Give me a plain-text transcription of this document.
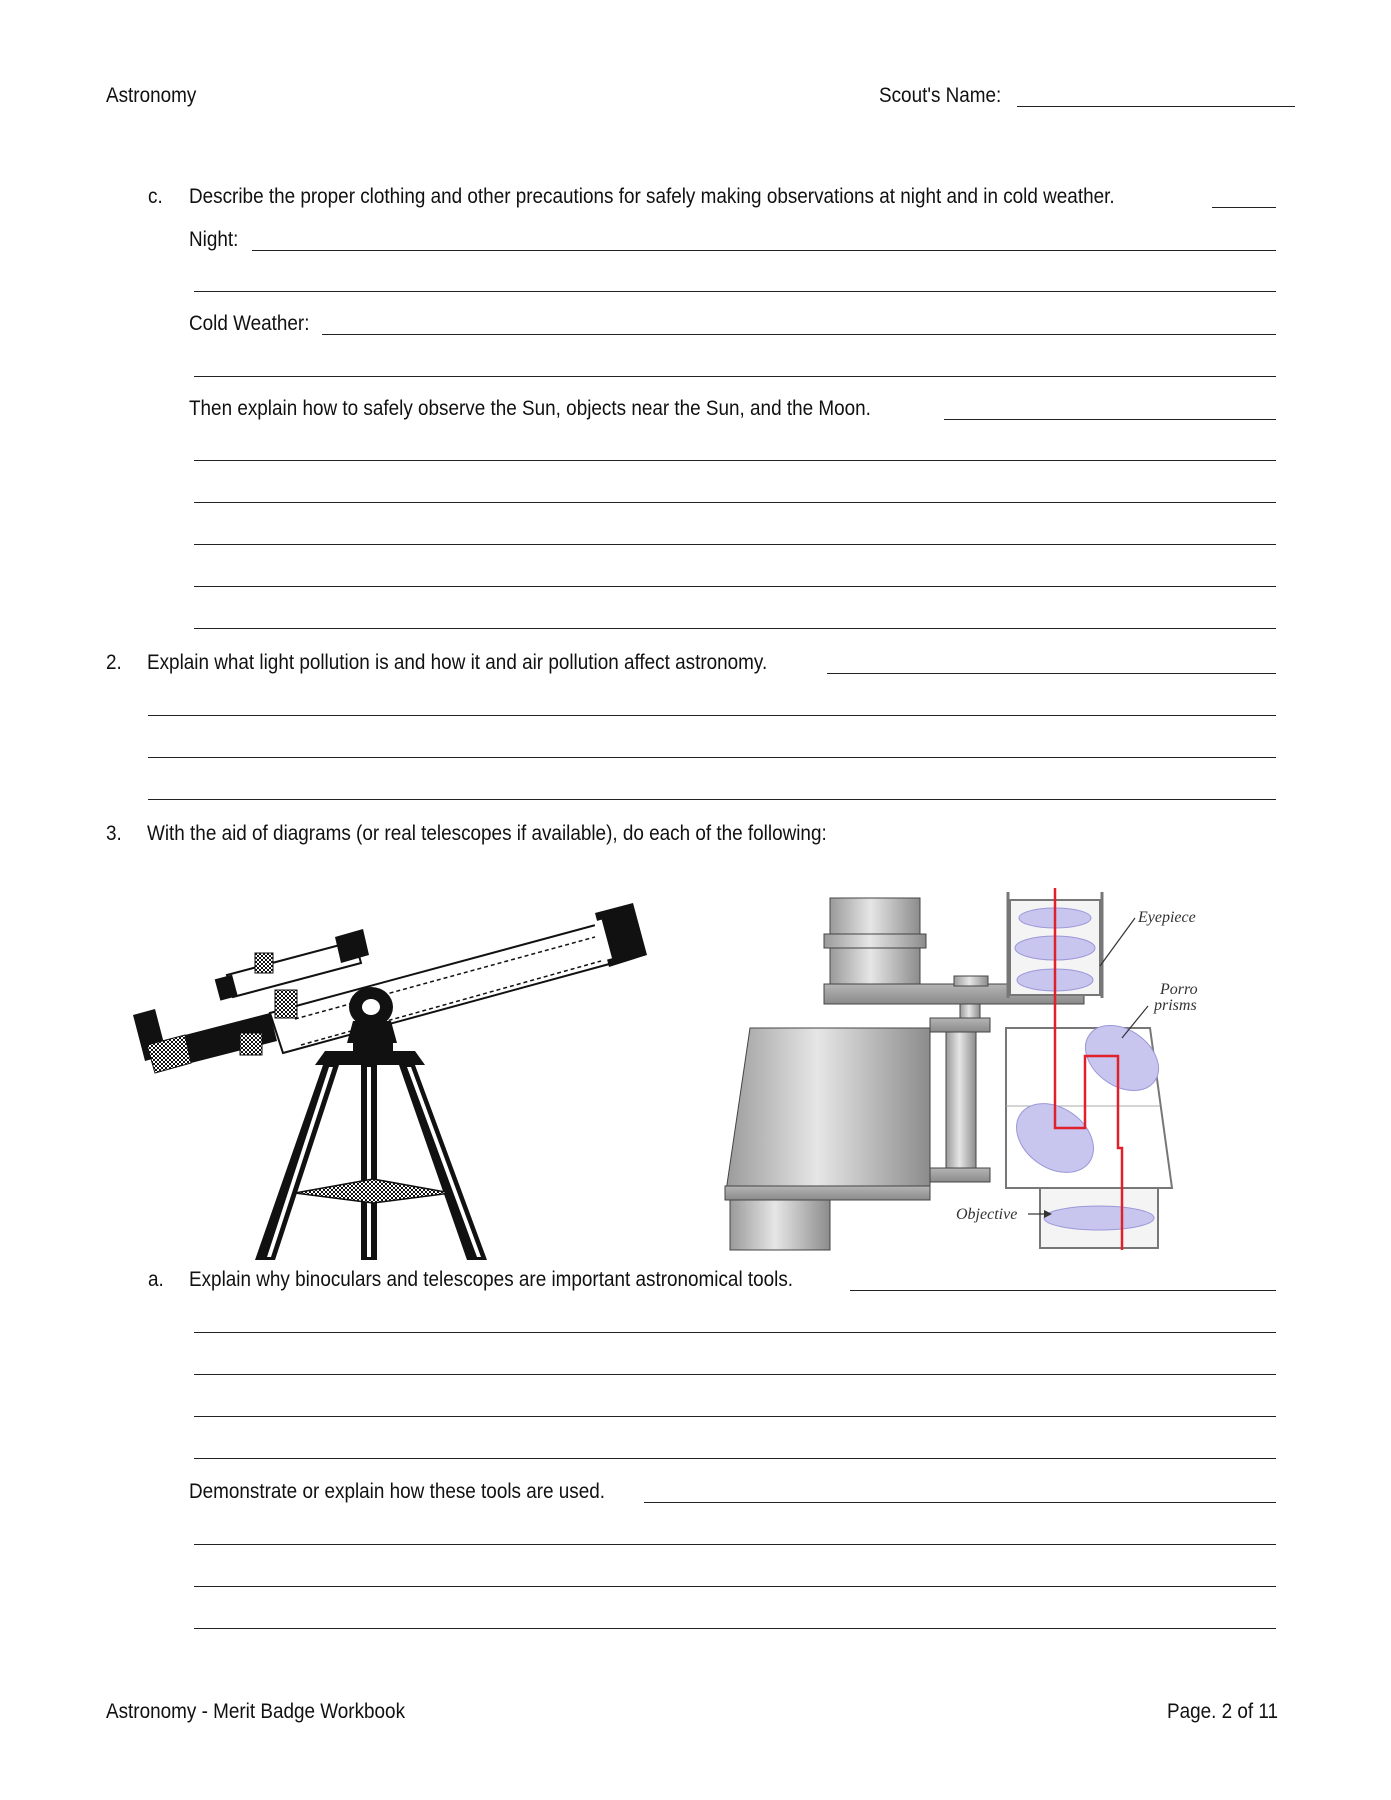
Astronomy	Scout's Name:
c. Describe the proper clothing and other precautions for safely making observations at night and in cold weather.
Night:
Cold Weather:
Then explain how to safely observe the Sun, objects near the Sun, and the Moon.
2. Explain what light pollution is and how it and air pollution affect astronomy.
3. With the aid of diagrams (or real telescopes if available), do each of the following:
Eyepiece
Porro
prisms
Objective
a. Explain why binoculars and telescopes are important astronomical tools.
Demonstrate or explain how these tools are used.
Astronomy - Merit Badge Workbook	Page. 2 of 11
